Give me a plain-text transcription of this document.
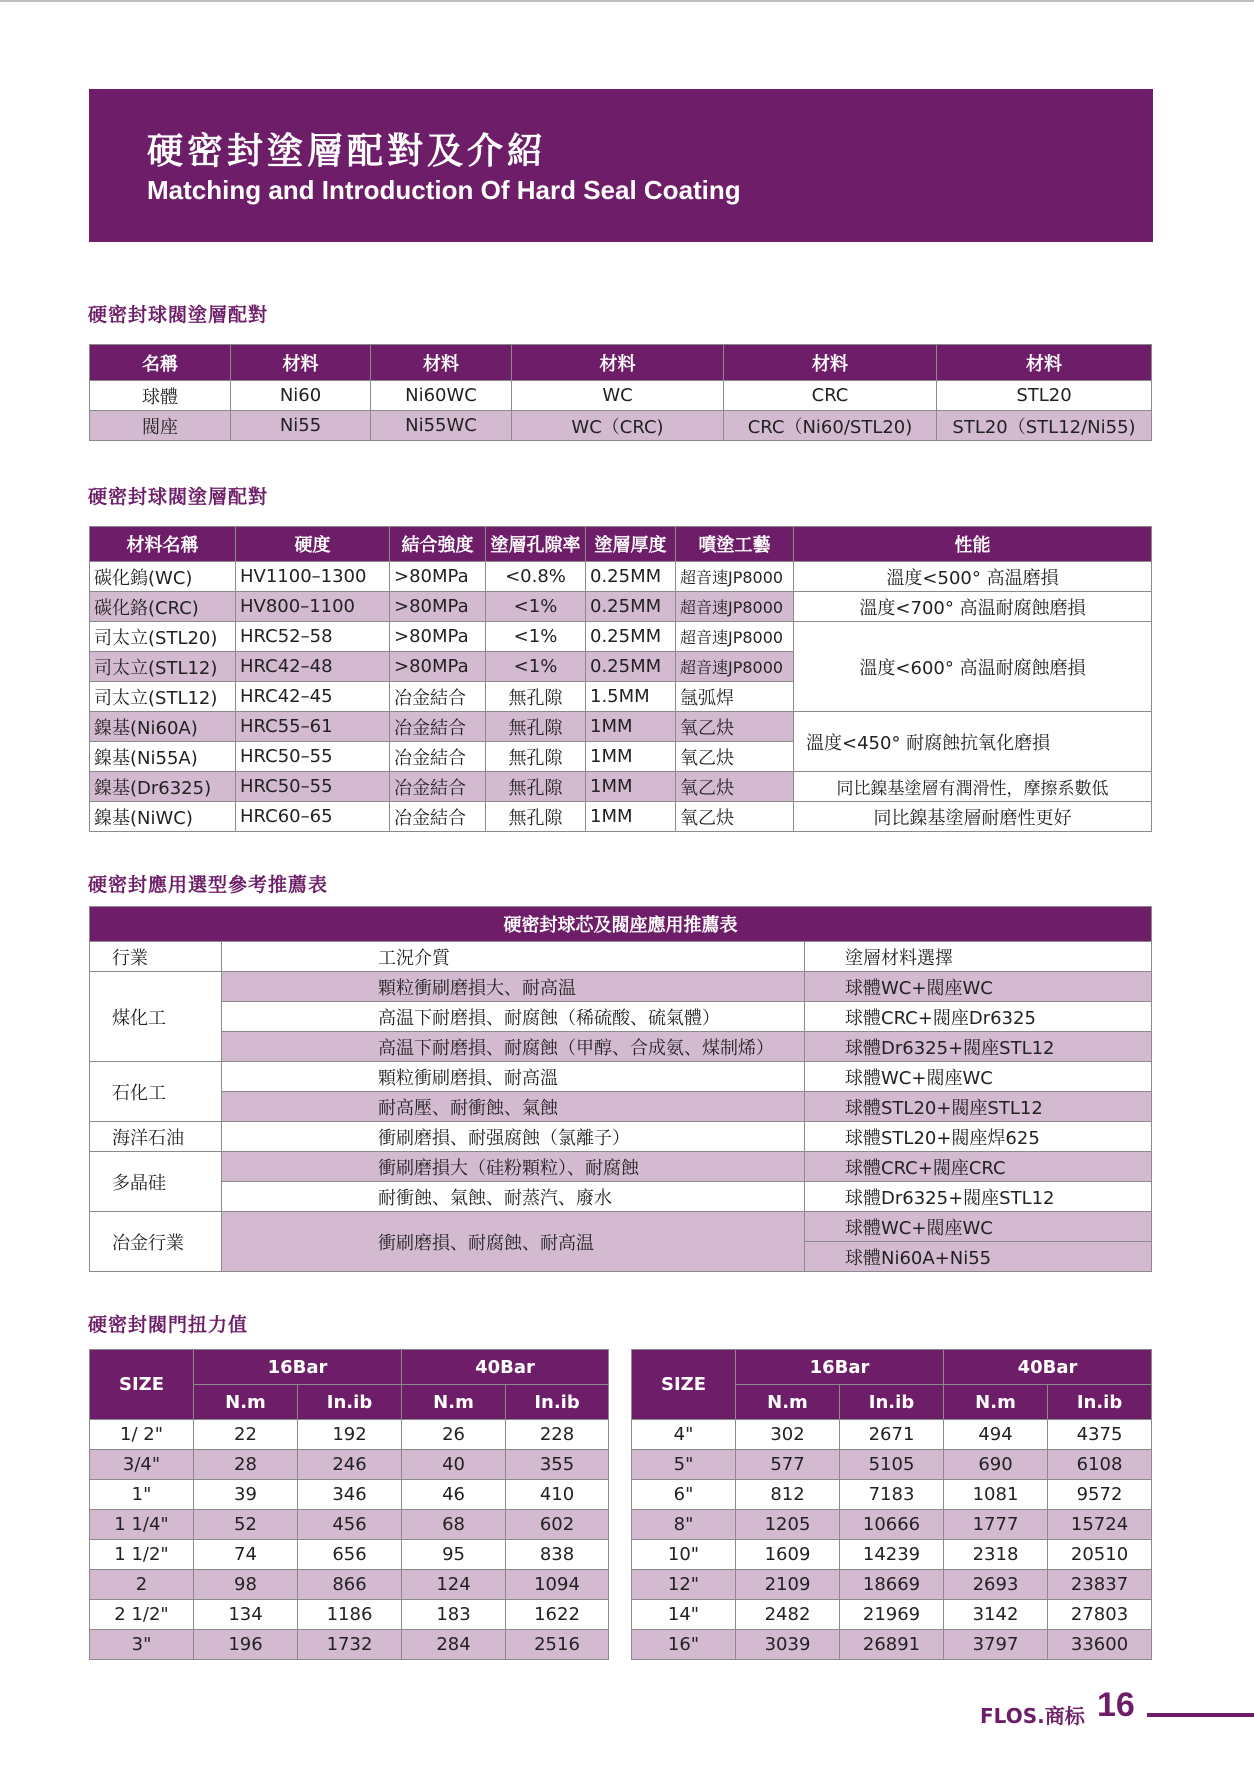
硬密封塗層配對及介紹
Matching and Introduction Of Hard Seal Coating
硬密封球閥塗層配對
名稱	材料	材料	材料	材料	材料
球體	Ni60	Ni60WC	WC	CRC	STL20
閥座	Ni55	Ni55WC	WC（CRC)	CRC（Ni60/STL20)	STL20（STL12/Ni55)
硬密封球閥塗層配對
材料名稱	硬度	結合強度	塗層孔隙率	塗層厚度	噴塗工藝	性能
碳化鎢(WC)	HV1100–1300	>80MPa	<0.8%	0.25MM	超音速JP8000	溫度<500° 高温磨損
碳化鉻(CRC)	HV800–1100	>80MPa	<1%	0.25MM	超音速JP8000	溫度<700° 高温耐腐蝕磨損
司太立(STL20)	HRC52–58	>80MPa	<1%	0.25MM	超音速JP8000	溫度<600° 高温耐腐蝕磨損
司太立(STL12)	HRC42–48	>80MPa	<1%	0.25MM	超音速JP8000	
司太立(STL12)	HRC42–45	冶金結合	無孔隙	1.5MM	氬弧焊	
鎳基(Ni60A)	HRC55–61	冶金結合	無孔隙	1MM	氧乙炔	溫度<450° 耐腐蝕抗氧化磨損
鎳基(Ni55A)	HRC50–55	冶金結合	無孔隙	1MM	氧乙炔	
鎳基(Dr6325)	HRC50–55	冶金結合	無孔隙	1MM	氧乙炔	同比鎳基塗層有潤滑性，摩擦系數低
鎳基(NiWC)	HRC60–65	冶金結合	無孔隙	1MM	氧乙炔	同比鎳基塗層耐磨性更好
硬密封應用選型參考推薦表
硬密封球芯及閥座應用推薦表		
行業	工況介質	塗層材料選擇
煤化工	顆粒衝刷磨損大、耐高温	球體WC+閥座WC
	高温下耐磨損、耐腐蝕（稀硫酸、硫氣體）	球體CRC+閥座Dr6325
	高温下耐磨損、耐腐蝕（甲醇、合成氨、煤制烯）	球體Dr6325+閥座STL12
石化工	顆粒衝刷磨損、耐高溫	球體WC+閥座WC
	耐高壓、耐衝蝕、氣蝕	球體STL20+閥座STL12
海洋石油	衝刷磨損、耐强腐蝕（氯離子）	球體STL20+閥座焊625
多晶硅	衝刷磨損大（硅粉顆粒）、耐腐蝕	球體CRC+閥座CRC
	耐衝蝕、氣蝕、耐蒸汽、廢水	球體Dr6325+閥座STL12
冶金行業	衝刷磨損、耐腐蝕、耐高温	球體WC+閥座WC
		球體Ni60A+Ni55
硬密封閥門扭力值
SIZE	16Bar		40Bar	
	N.m	In.ib	N.m	In.ib
1/ 2"	22	192	26	228
3/4"	28	246	40	355
1"	39	346	46	410
1 1/4"	52	456	68	602
1 1/2"	74	656	95	838
2	98	866	124	1094
2 1/2"	134	1186	183	1622
3"	196	1732	284	2516
SIZE	16Bar		40Bar	
	N.m	In.ib	N.m	In.ib
4"	302	2671	494	4375
5"	577	5105	690	6108
6"	812	7183	1081	9572
8"	1205	10666	1777	15724
10"	1609	14239	2318	20510
12"	2109	18669	2693	23837
14"	2482	21969	3142	27803
16"	3039	26891	3797	33600
FLOS.商标 16
